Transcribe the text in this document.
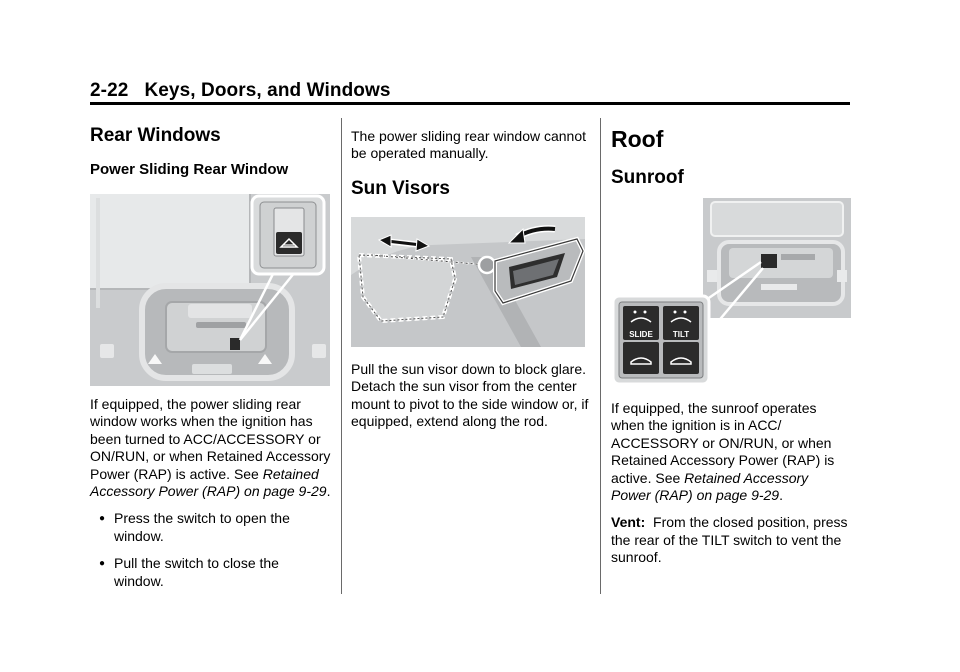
2-22 Keys, Doors, and Windows
Rear Windows
Power Sliding Rear Window

If equipped, the power sliding rear window works when the ignition has been turned to ACC/ACCESSORY or ON/RUN, or when Retained Accessory Power (RAP) is active. See Retained Accessory Power (RAP) on page 9-29.

● Press the switch to open the window.
● Pull the switch to close the window.

The power sliding rear window cannot be operated manually.

Sun Visors

Pull the sun visor down to block glare. Detach the sun visor from the center mount to pivot to the side window or, if equipped, extend along the rod.

Roof
Sunroof
SLIDE	TILT

If equipped, the sunroof operates when the ignition is in ACC/ ACCESSORY or ON/RUN, or when Retained Accessory Power (RAP) is active. See Retained Accessory Power (RAP) on page 9-29.

Vent: From the closed position, press the rear of the TILT switch to vent the sunroof.
